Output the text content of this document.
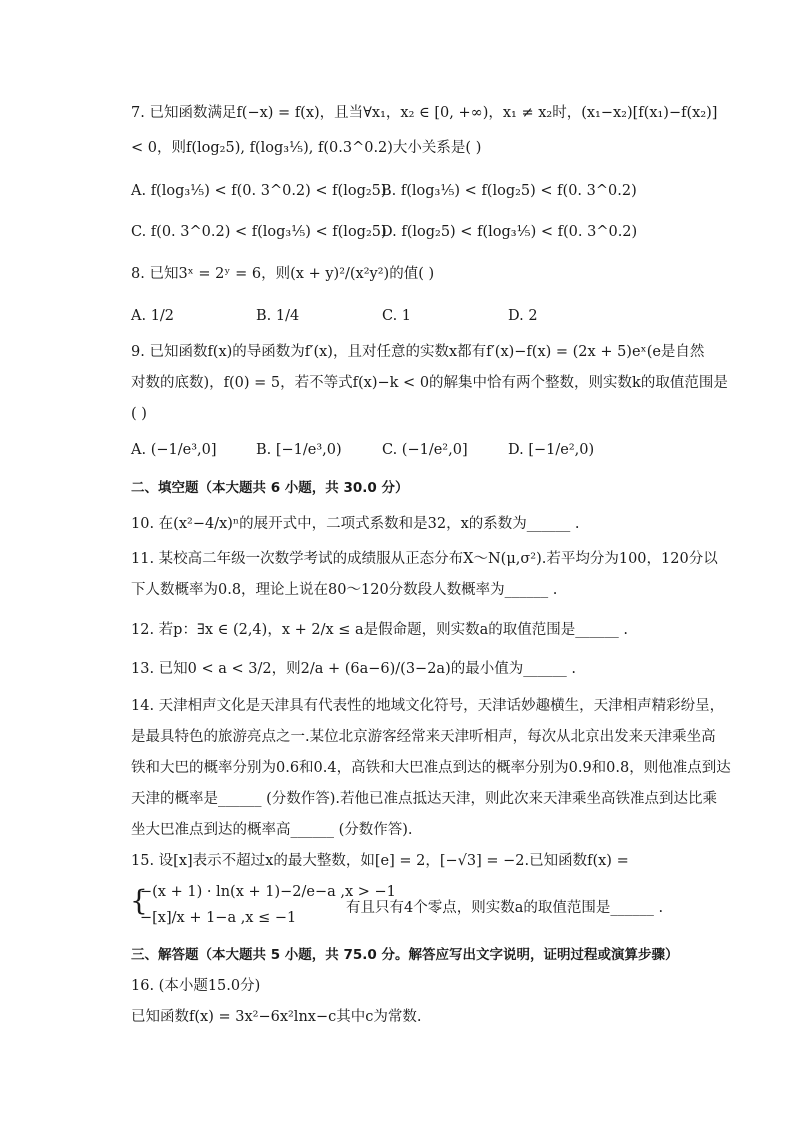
7. 已知函数满足f(−x) = f(x)，且当∀x₁，x₂ ∈ [0, +∞)，x₁ ≠ x₂时，(x₁−x₂)[f(x₁)−f(x₂)]
< 0，则f(log₂5), f(log₃⅕), f(0.3^0.2)大小关系是( )
A. f(log₃⅕) < f(0. 3^0.2) < f(log₂5)
B. f(log₃⅕) < f(log₂5) < f(0. 3^0.2)
C. f(0. 3^0.2) < f(log₃⅕) < f(log₂5)
D. f(log₂5) < f(log₃⅕) < f(0. 3^0.2)
8. 已知3ˣ = 2ʸ = 6，则(x + y)²/(x²y²)的值( )
A. 1/2	B. 1/4	C. 1	D. 2
9. 已知函数f(x)的导函数为f′(x)，且对任意的实数x都有f′(x)−f(x) = (2x + 5)eˣ(e是自然
对数的底数)，f(0) = 5，若不等式f(x)−k < 0的解集中恰有两个整数，则实数k的取值范围是
( )
A. (−1/e³,0]	B. [−1/e³,0)	C. (−1/e²,0]	D. [−1/e²,0)
二、填空题（本大题共 6 小题，共 30.0 分）
10. 在(x²−4/x)ⁿ的展开式中，二项式系数和是32，x的系数为______ .
11. 某校高二年级一次数学考试的成绩服从正态分布X～N(μ,σ²).若平均分为100，120分以
下人数概率为0.8，理论上说在80～120分数段人数概率为______ .
12. 若p：∃x ∈ (2,4)，x + 2/x ≤ a是假命题，则实数a的取值范围是______ .
13. 已知0 < a < 3/2，则2/a + (6a−6)/(3−2a)的最小值为______ .
14. 天津相声文化是天津具有代表性的地域文化符号，天津话妙趣横生，天津相声精彩纷呈，
是最具特色的旅游亮点之一.某位北京游客经常来天津听相声，每次从北京出发来天津乘坐高
铁和大巴的概率分别为0.6和0.4，高铁和大巴准点到达的概率分别为0.9和0.8，则他准点到达
天津的概率是______ (分数作答).若他已准点抵达天津，则此次来天津乘坐高铁准点到达比乘
坐大巴准点到达的概率高______ (分数作答).
15. 设[x]表示不超过x的最大整数，如[e] = 2，[−√3] = −2.已知函数f(x) =
{
−(x + 1) · ln(x + 1)−2/e−a ,x > −1
−[x]/x + 1−a ,x ≤ −1
有且只有4个零点，则实数a的取值范围是______ .
三、解答题（本大题共 5 小题，共 75.0 分。解答应写出文字说明，证明过程或演算步骤）
16. (本小题15.0分)
已知函数f(x) = 3x²−6x²lnx−c其中c为常数.
